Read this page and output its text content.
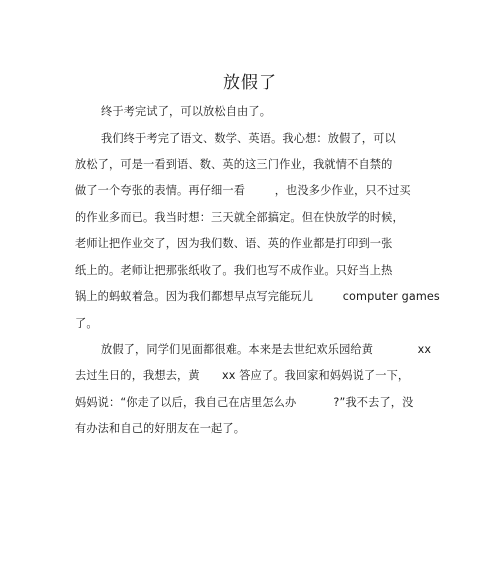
放假了
终于考完试了，可以放松自由了。
我们终于考完了语文、数学、英语。我心想：放假了，可以
放松了，可是一看到语、数、英的这三门作业，我就情不自禁的
做了一个夸张的表情。再仔细一看        ，也没多少作业，只不过买
的作业多而已。我当时想：三天就全部搞定。但在快放学的时候，
老师让把作业交了，因为我们数、语、英的作业都是打印到一张
纸上的。老师让把那张纸收了。我们也写不成作业。只好当上热
锅上的蚂蚁着急。因为我们都想早点写完能玩儿        computer games
了。
放假了，同学们见面都很难。本来是去世纪欢乐园给黄            xx
去过生日的，我想去，黄      xx 答应了。我回家和妈妈说了一下，
妈妈说：“你走了以后，我自己在店里怎么办          ?”我不去了，没
有办法和自己的好朋友在一起了。
